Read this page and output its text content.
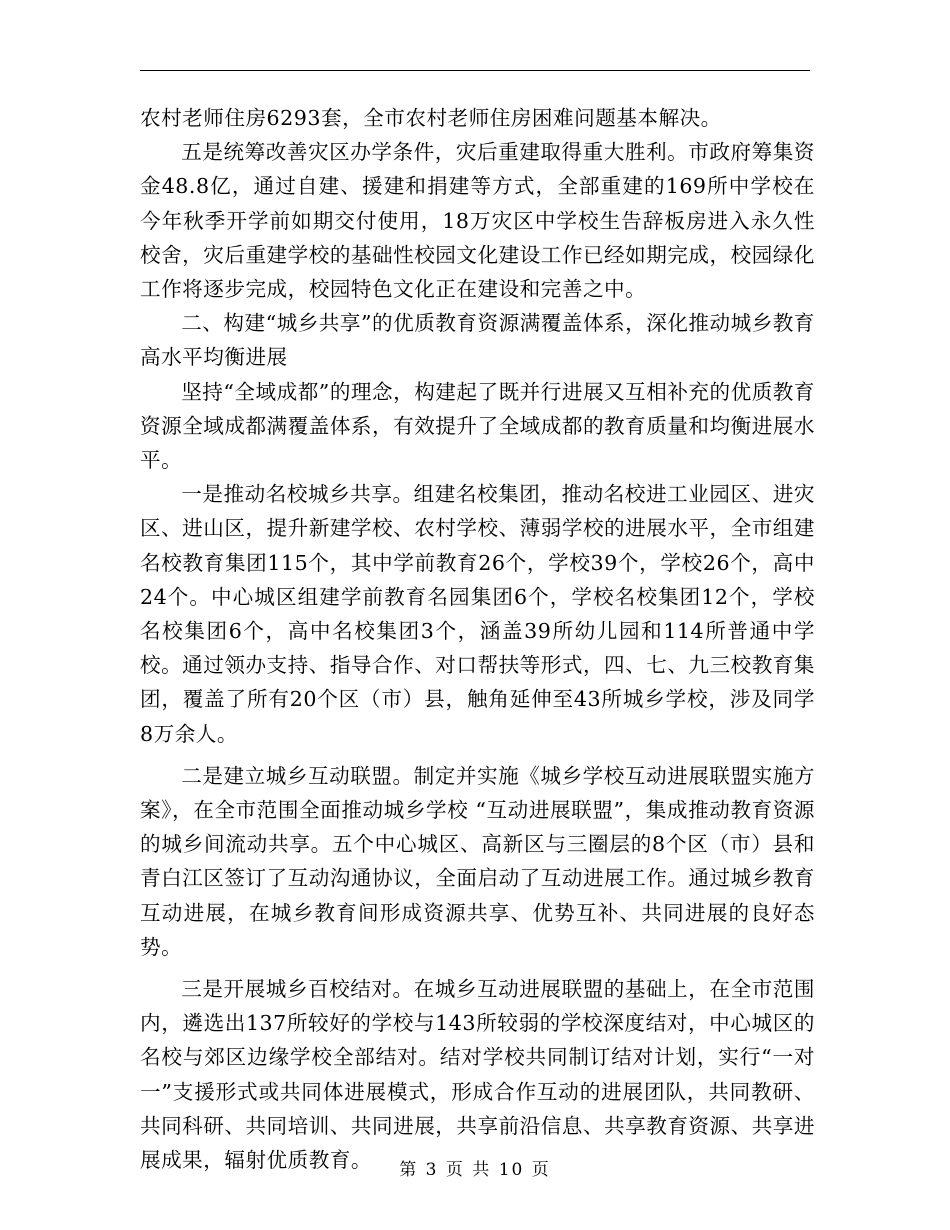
农村老师住房6293套，全市农村老师住房困难问题基本解决。

五是统筹改善灾区办学条件，灾后重建取得重大胜利。市政府筹集资金48.8亿，通过自建、援建和捐建等方式，全部重建的169所中学校在今年秋季开学前如期交付使用，18万灾区中学校生告辞板房进入永久性校舍，灾后重建学校的基础性校园文化建设工作已经如期完成，校园绿化工作将逐步完成，校园特色文化正在建设和完善之中。

二、构建“城乡共享”的优质教育资源满覆盖体系，深化推动城乡教育高水平均衡进展

坚持“全域成都”的理念，构建起了既并行进展又互相补充的优质教育资源全域成都满覆盖体系，有效提升了全域成都的教育质量和均衡进展水平。

一是推动名校城乡共享。组建名校集团，推动名校进工业园区、进灾区、进山区，提升新建学校、农村学校、薄弱学校的进展水平，全市组建名校教育集团115个，其中学前教育26个，学校39个，学校26个，高中24个。中心城区组建学前教育名园集团6个，学校名校集团12个，学校名校集团6个，高中名校集团3个，涵盖39所幼儿园和114所普通中学校。通过领办支持、指导合作、对口帮扶等形式，四、七、九三校教育集团，覆盖了所有20个区（市）县，触角延伸至43所城乡学校，涉及同学8万余人。

二是建立城乡互动联盟。制定并实施《城乡学校互动进展联盟实施方案》，在全市范围全面推动城乡学校 “互动进展联盟”，集成推动教育资源的城乡间流动共享。五个中心城区、高新区与三圈层的8个区（市）县和青白江区签订了互动沟通协议，全面启动了互动进展工作。通过城乡教育互动进展，在城乡教育间形成资源共享、优势互补、共同进展的良好态势。

三是开展城乡百校结对。在城乡互动进展联盟的基础上，在全市范围内，遴选出137所较好的学校与143所较弱的学校深度结对，中心城区的名校与郊区边缘学校全部结对。结对学校共同制订结对计划，实行“一对一”支援形式或共同体进展模式，形成合作互动的进展团队，共同教研、共同科研、共同培训、共同进展，共享前沿信息、共享教育资源、共享进展成果，辐射优质教育。	第 3 页 共 10 页
